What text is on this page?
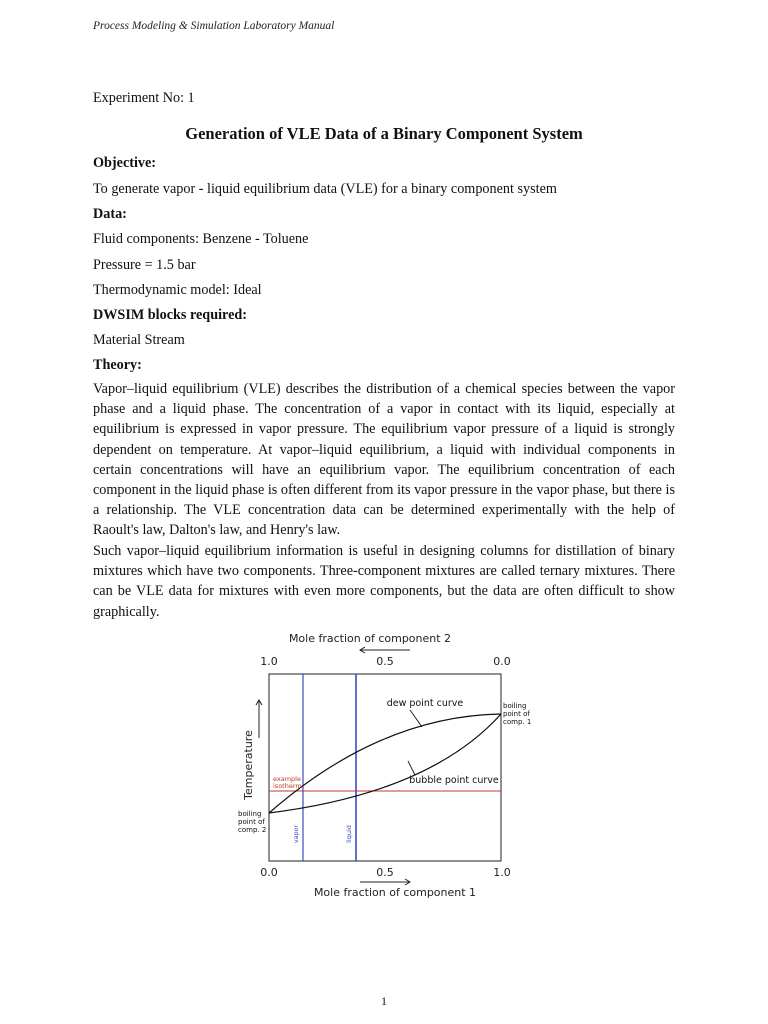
Process Modeling & Simulation Laboratory Manual
Experiment No: 1
Generation of VLE Data of a Binary Component System
Objective:
To generate vapor - liquid equilibrium data (VLE) for a binary component system
Data:
Fluid components: Benzene - Toluene
Pressure = 1.5 bar
Thermodynamic model: Ideal
DWSIM blocks required:
Material Stream
Theory:
Vapor–liquid equilibrium (VLE) describes the distribution of a chemical species between the vapor phase and a liquid phase. The concentration of a vapor in contact with its liquid, especially at equilibrium is expressed in vapor pressure. The equilibrium vapor pressure of a liquid is strongly dependent on temperature. At vapor–liquid equilibrium, a liquid with individual components in certain concentrations will have an equilibrium vapor. The equilibrium concentration of each component in the liquid phase is often different from its vapor pressure in the vapor phase, but there is a relationship. The VLE concentration data can be determined experimentally with the help of Raoult's law, Dalton's law, and Henry's law.
Such vapor–liquid equilibrium information is useful in designing columns for distillation of binary mixtures which have two components. Three-component mixtures are called ternary mixtures. There can be VLE data for mixtures with even more components, but the data are often difficult to show graphically.
Mole fraction of component 2
1.0	0.5	0.0
dew point curve
bubble point curve
boiling
point of
comp. 1
boiling
point of
comp. 2
example
isotherm
vapor	liquid
Temperature
0.0	0.5	1.0
Mole fraction of component 1
1
